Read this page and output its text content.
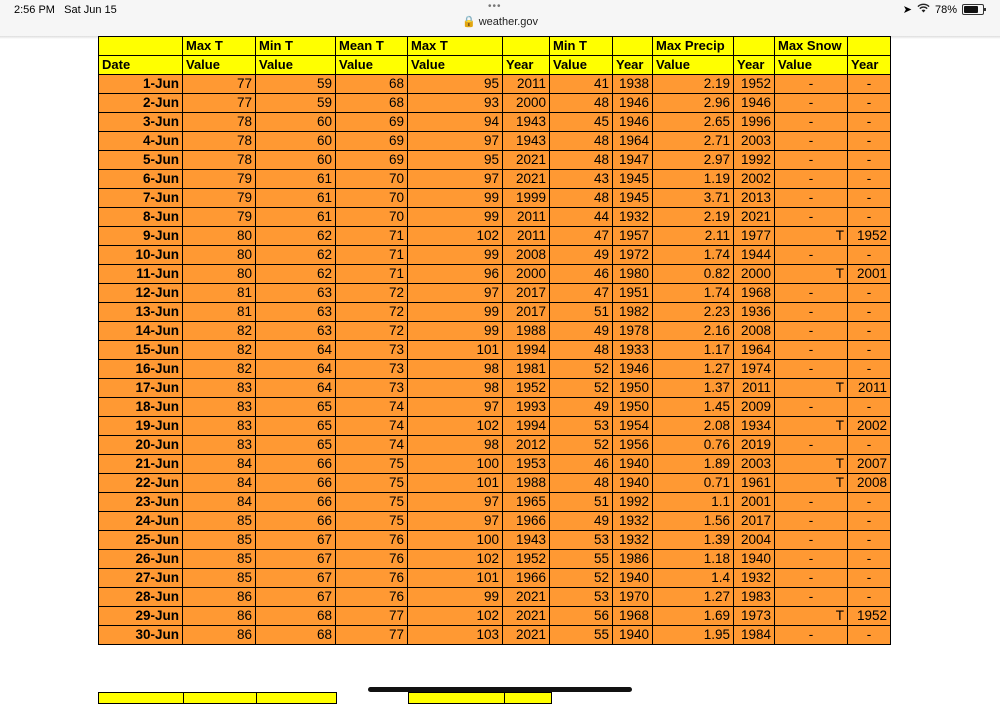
2:56 PM Sat Jun 15	•••
🔒 weather.gov
➤ 78%
	Max T	Min T	Mean T	Max T		Min T		Max Precip		Max Snow	
Date	Value	Value	Value	Value	Year	Value	Year	Value	Year	Value	Year
1-Jun	77	59	68	95	2011	41	1938	2.19	1952	-	-
2-Jun	77	59	68	93	2000	48	1946	2.96	1946	-	-
3-Jun	78	60	69	94	1943	45	1946	2.65	1996	-	-
4-Jun	78	60	69	97	1943	48	1964	2.71	2003	-	-
5-Jun	78	60	69	95	2021	48	1947	2.97	1992	-	-
6-Jun	79	61	70	97	2021	43	1945	1.19	2002	-	-
7-Jun	79	61	70	99	1999	48	1945	3.71	2013	-	-
8-Jun	79	61	70	99	2011	44	1932	2.19	2021	-	-
9-Jun	80	62	71	102	2011	47	1957	2.11	1977	T	1952
10-Jun	80	62	71	99	2008	49	1972	1.74	1944	-	-
11-Jun	80	62	71	96	2000	46	1980	0.82	2000	T	2001
12-Jun	81	63	72	97	2017	47	1951	1.74	1968	-	-
13-Jun	81	63	72	99	2017	51	1982	2.23	1936	-	-
14-Jun	82	63	72	99	1988	49	1978	2.16	2008	-	-
15-Jun	82	64	73	101	1994	48	1933	1.17	1964	-	-
16-Jun	82	64	73	98	1981	52	1946	1.27	1974	-	-
17-Jun	83	64	73	98	1952	52	1950	1.37	2011	T	2011
18-Jun	83	65	74	97	1993	49	1950	1.45	2009	-	-
19-Jun	83	65	74	102	1994	53	1954	2.08	1934	T	2002
20-Jun	83	65	74	98	2012	52	1956	0.76	2019	-	-
21-Jun	84	66	75	100	1953	46	1940	1.89	2003	T	2007
22-Jun	84	66	75	101	1988	48	1940	0.71	1961	T	2008
23-Jun	84	66	75	97	1965	51	1992	1.1	2001	-	-
24-Jun	85	66	75	97	1966	49	1932	1.56	2017	-	-
25-Jun	85	67	76	100	1943	53	1932	1.39	2004	-	-
26-Jun	85	67	76	102	1952	55	1986	1.18	1940	-	-
27-Jun	85	67	76	101	1966	52	1940	1.4	1932	-	-
28-Jun	86	67	76	99	2021	53	1970	1.27	1983	-	-
29-Jun	86	68	77	102	2021	56	1968	1.69	1973	T	1952
30-Jun	86	68	77	103	2021	55	1940	1.95	1984	-	-
